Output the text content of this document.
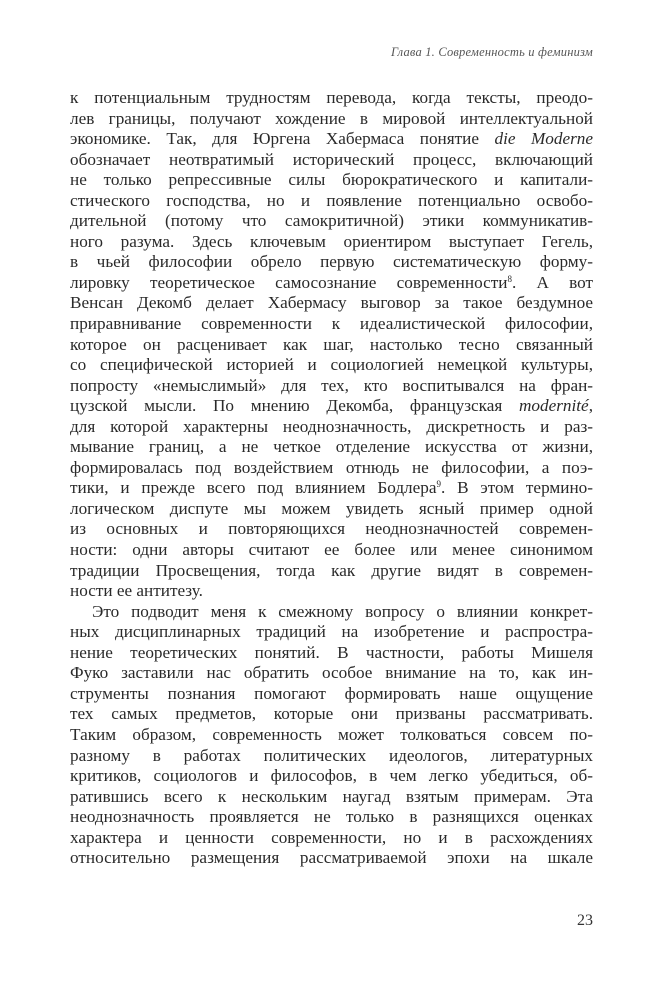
Глава 1. Современность и феминизм
к потенциальным трудностям перевода, когда тексты, преодо-
лев границы, получают хождение в мировой интеллектуальной
экономике. Так, для Юргена Хабермаса понятие die Moderne
обозначает неотвратимый исторический процесс, включающий
не только репрессивные силы бюрократического и капитали-
стического господства, но и появление потенциально освобо-
дительной (потому что самокритичной) этики коммуникатив-
ного разума. Здесь ключевым ориентиром выступает Гегель,
в чьей философии обрело первую систематическую форму-
лировку теоретическое самосознание современности$^8$. А вот
Венсан Декомб делает Хабермасу выговор за такое бездумное
приравнивание современности к идеалистической философии,
которое он расценивает как шаг, настолько тесно связанный
со специфической историей и социологией немецкой культуры,
попросту «немыслимый» для тех, кто воспитывался на фран-
цузской мысли. По мнению Декомба, французская modernité,
для которой характерны неоднозначность, дискретность и раз-
мывание границ, а не четкое отделение искусства от жизни,
формировалась под воздействием отнюдь не философии, а поэ-
тики, и прежде всего под влиянием Бодлера$^9$. В этом термино-
логическом диспуте мы можем увидеть ясный пример одной
из основных и повторяющихся неоднозначностей современ-
ности: одни авторы считают ее более или менее синонимом
традиции Просвещения, тогда как другие видят в современ-
ности ее антитезу.
Это подводит меня к смежному вопросу о влиянии конкрет-
ных дисциплинарных традиций на изобретение и распростра-
нение теоретических понятий. В частности, работы Мишеля
Фуко заставили нас обратить особое внимание на то, как ин-
струменты познания помогают формировать наше ощущение
тех самых предметов, которые они призваны рассматривать.
Таким образом, современность может толковаться совсем по-
разному в работах политических идеологов, литературных
критиков, социологов и философов, в чем легко убедиться, об-
ратившись всего к нескольким наугад взятым примерам. Эта
неоднозначность проявляется не только в разнящихся оценках
характера и ценности современности, но и в расхождениях
относительно размещения рассматриваемой эпохи на шкале
23
